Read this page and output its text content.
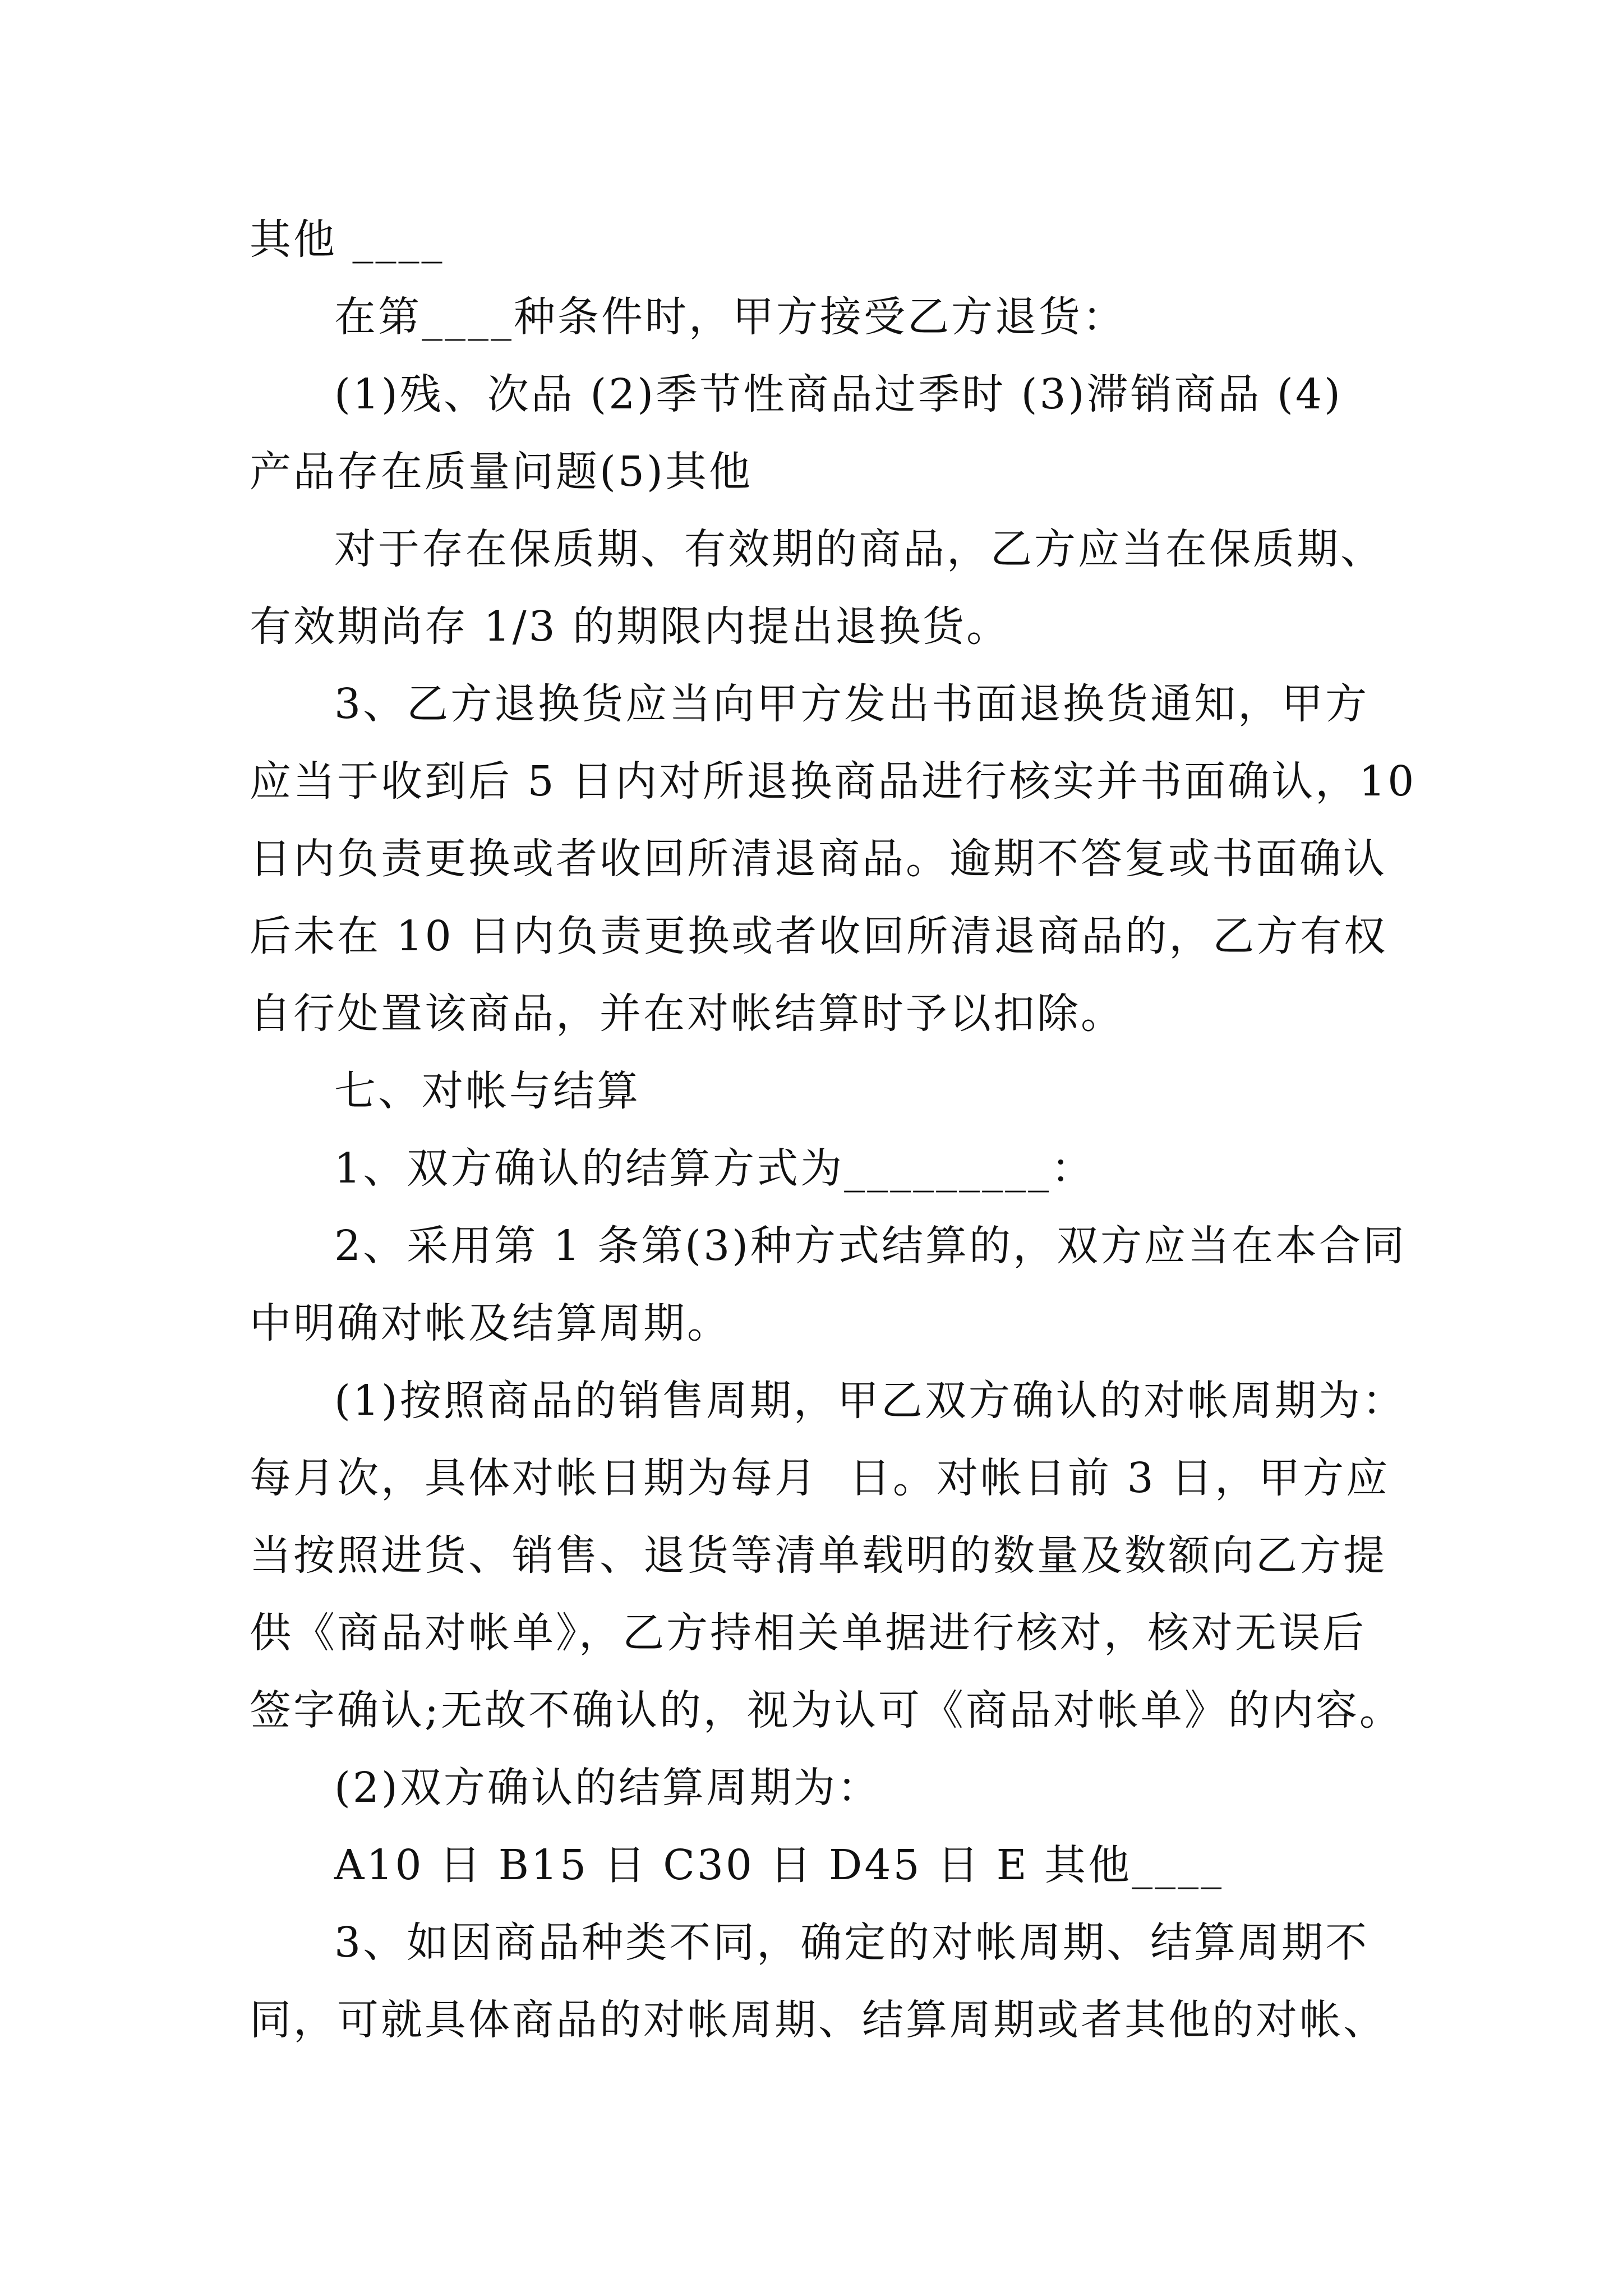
其他 ____
在第____种条件时，甲方接受乙方退货：
(1)残、次品 (2)季节性商品过季时 (3)滞销商品 (4)
产品存在质量问题(5)其他
对于存在保质期、有效期的商品，乙方应当在保质期、
有效期尚存 1/3 的期限内提出退换货。
3、乙方退换货应当向甲方发出书面退换货通知，甲方
应当于收到后 5 日内对所退换商品进行核实并书面确认，10
日内负责更换或者收回所清退商品。逾期不答复或书面确认
后未在 10 日内负责更换或者收回所清退商品的，乙方有权
自行处置该商品，并在对帐结算时予以扣除。
七、对帐与结算
1、双方确认的结算方式为_________：
2、采用第 1 条第(3)种方式结算的，双方应当在本合同
中明确对帐及结算周期。
(1)按照商品的销售周期，甲乙双方确认的对帐周期为：
每月次，具体对帐日期为每月  日。对帐日前 3 日，甲方应
当按照进货、销售、退货等清单载明的数量及数额向乙方提
供《商品对帐单》，乙方持相关单据进行核对，核对无误后
签字确认;无故不确认的，视为认可《商品对帐单》的内容。
(2)双方确认的结算周期为：
A10 日 B15 日 C30 日 D45 日 E 其他____
3、如因商品种类不同，确定的对帐周期、结算周期不
同，可就具体商品的对帐周期、结算周期或者其他的对帐、
